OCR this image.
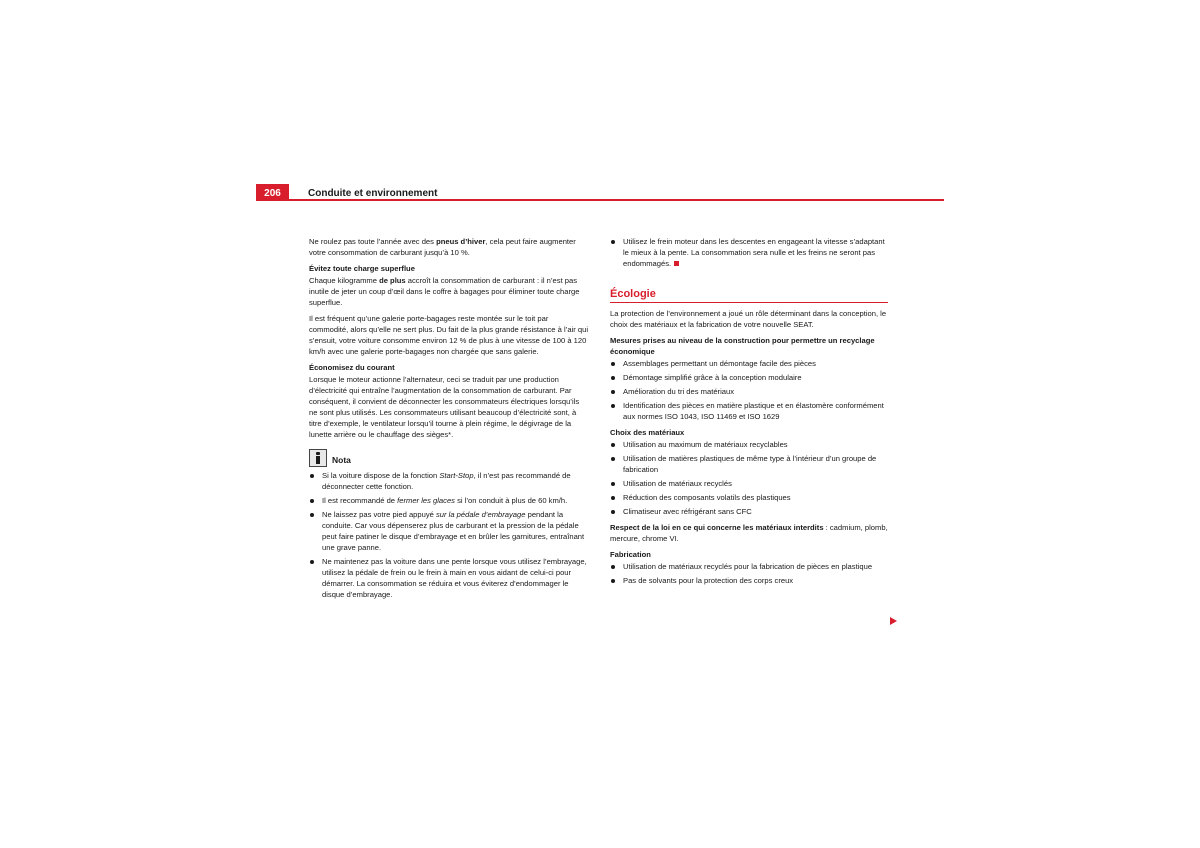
206	Conduite et environnement

Ne roulez pas toute l’année avec des pneus d’hiver, cela peut faire augmenter votre consommation de carburant jusqu’à 10 %.

Évitez toute charge superflue

Chaque kilogramme de plus accroît la consommation de carburant : il n’est pas inutile de jeter un coup d’œil dans le coffre à bagages pour éliminer toute charge superflue.

Il est fréquent qu’une galerie porte-bagages reste montée sur le toit par commodité, alors qu’elle ne sert plus. Du fait de la plus grande résistance à l’air qui s’ensuit, votre voiture consomme environ 12 % de plus à une vitesse de 100 à 120 km/h avec une galerie porte-bagages non chargée que sans galerie.

Économisez du courant

Lorsque le moteur actionne l’alternateur, ceci se traduit par une production d’électricité qui entraîne l’augmentation de la consommation de carburant. Par conséquent, il convient de déconnecter les consommateurs électriques lorsqu’ils ne sont plus utilisés. Les consommateurs utilisant beaucoup d’électricité sont, à titre d’exemple, le ventilateur lorsqu’il tourne à plein régime, le dégivrage de la lunette arrière ou le chauffage des sièges*.

Nota
Si la voiture dispose de la fonction Start-Stop, il n’est pas recommandé de déconnecter cette fonction.
Il est recommandé de fermer les glaces si l’on conduit à plus de 60 km/h.
Ne laissez pas votre pied appuyé sur la pédale d’embrayage pendant la conduite. Car vous dépenserez plus de carburant et la pression de la pédale peut faire patiner le disque d’embrayage et en brûler les garnitures, entraînant une grave panne.
Ne maintenez pas la voiture dans une pente lorsque vous utilisez l’embrayage, utilisez la pédale de frein ou le frein à main en vous aidant de celui-ci pour démarrer. La consommation se réduira et vous éviterez d’endommager le disque d’embrayage.
Utilisez le frein moteur dans les descentes en engageant la vitesse s’adaptant le mieux à la pente. La consommation sera nulle et les freins ne seront pas endommagés.
Écologie

La protection de l’environnement a joué un rôle déterminant dans la conception, le choix des matériaux et la fabrication de votre nouvelle SEAT.

Mesures prises au niveau de la construction pour permettre un recyclage économique

Assemblages permettant un démontage facile des pièces
Démontage simplifié grâce à la conception modulaire
Amélioration du tri des matériaux
Identification des pièces en matière plastique et en élastomère conformément aux normes ISO 1043, ISO 11469 et ISO 1629

Choix des matériaux

Utilisation au maximum de matériaux recyclables
Utilisation de matières plastiques de même type à l’intérieur d’un groupe de fabrication
Utilisation de matériaux recyclés
Réduction des composants volatils des plastiques
Climatiseur avec réfrigérant sans CFC

Respect de la loi en ce qui concerne les matériaux interdits : cadmium, plomb, mercure, chrome VI.

Fabrication

Utilisation de matériaux recyclés pour la fabrication de pièces en plastique
Pas de solvants pour la protection des corps creux
